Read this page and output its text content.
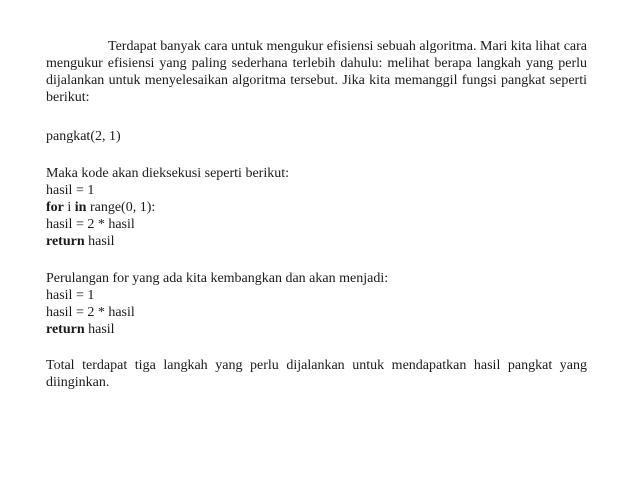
Terdapat banyak cara untuk mengukur efisiensi sebuah algoritma. Mari kita lihat cara mengukur efisiensi yang paling sederhana terlebih dahulu: melihat berapa langkah yang perlu dijalankan untuk menyelesaikan algoritma tersebut. Jika kita memanggil fungsi pangkat seperti berikut:

pangkat(2, 1)

Maka kode akan dieksekusi seperti berikut:

hasil = 1

for i in range(0, 1):

hasil = 2 * hasil

return hasil

Perulangan for yang ada kita kembangkan dan akan menjadi:

hasil = 1

hasil = 2 * hasil

return hasil

Total terdapat tiga langkah yang perlu dijalankan untuk mendapatkan hasil pangkat yang diinginkan.
